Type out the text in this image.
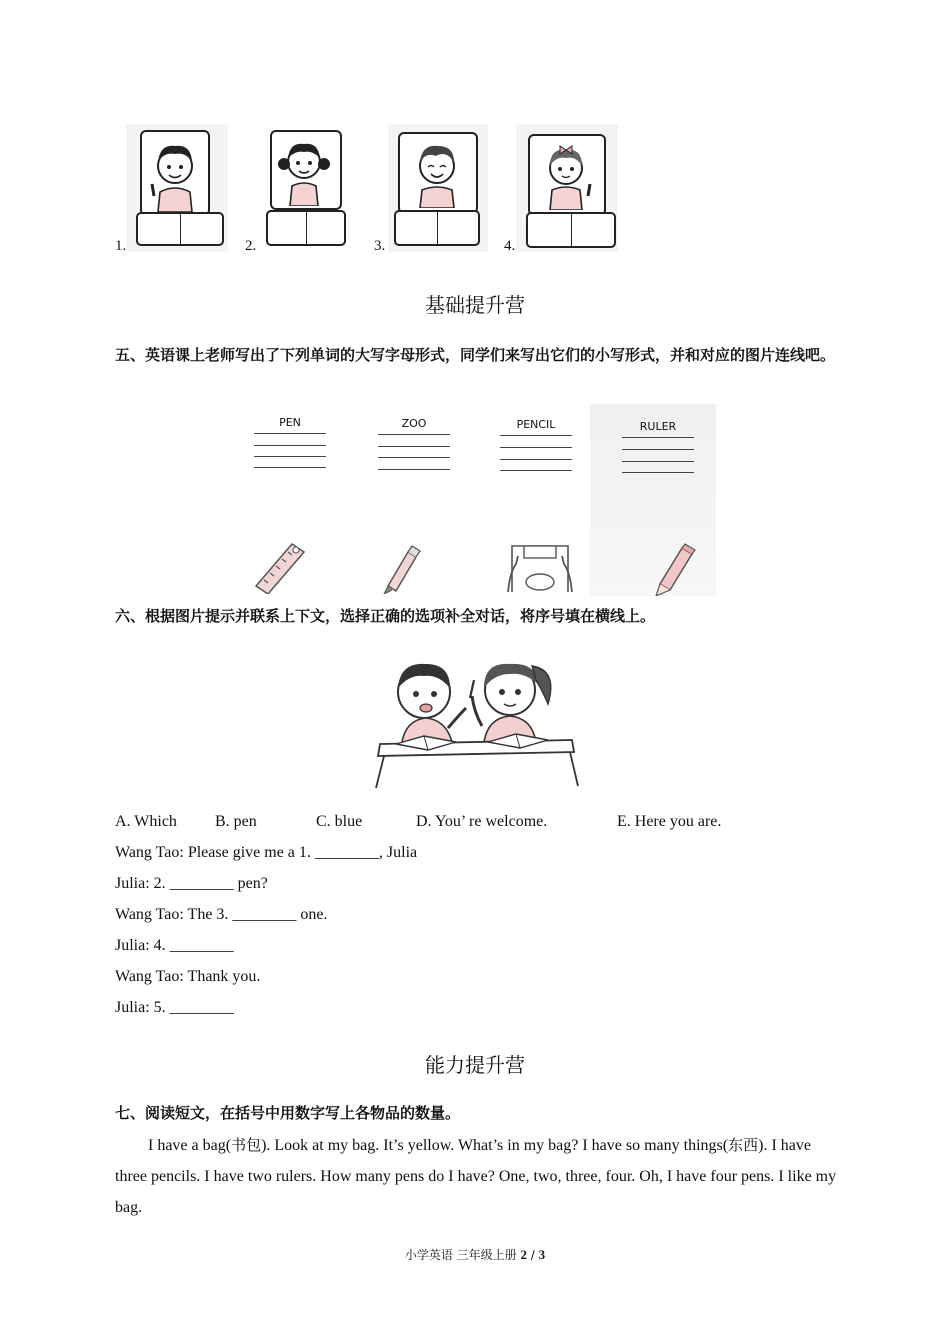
1.	2.	3.	4.
基础提升营
五、英语课上老师写出了下列单词的大写字母形式，同学们来写出它们的小写形式，并和对应的图片连线吧。
PEN	ZOO	PENCIL	RULER
六、根据图片提示并联系上下文，选择正确的选项补全对话，将序号填在横线上。
A. Which B. pen	C. blue	D. You’ re welcome.	E. Here you are.
Wang Tao: Please give me a 1. ________, Julia
Julia: 2. ________ pen?
Wang Tao: The 3. ________ one.
Julia: 4. ________
Wang Tao: Thank you.
Julia: 5. ________
能力提升营
七、阅读短文，在括号中用数字写上各物品的数量。
I have a bag(书包). Look at my bag. It’s yellow. What’s in my bag? I have so many things(东西). I have three pencils. I have two rulers. How many pens do I have? One, two, three, four. Oh, I have four pens. I like my bag.
小学英语 三年级上册 2 / 3
